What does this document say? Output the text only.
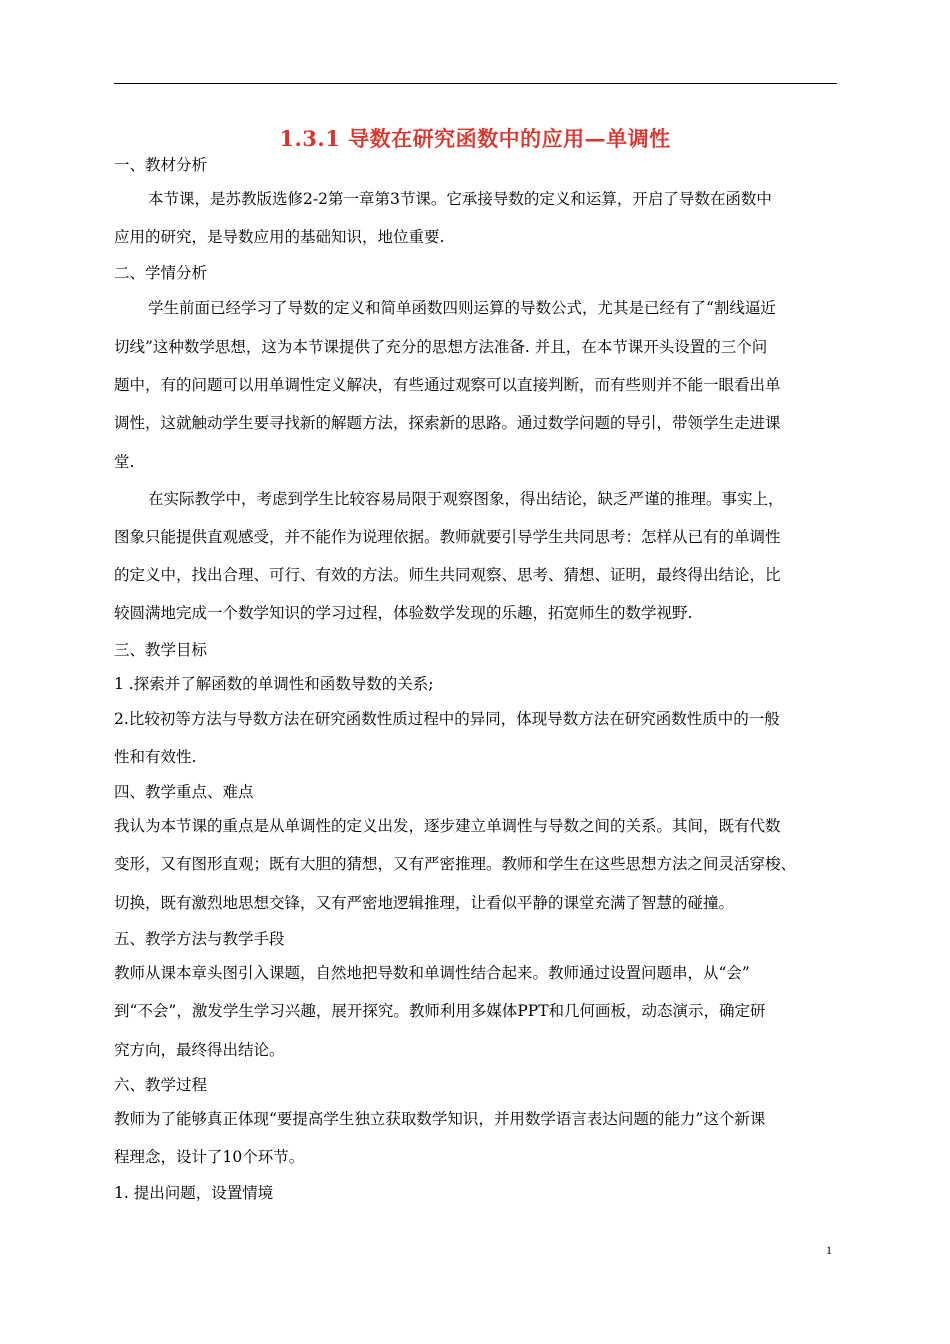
1.3.1 导数在研究函数中的应用—单调性
一、教材分析
本节课，是苏教版选修2-2第一章第3节课。它承接导数的定义和运算，开启了导数在函数中
应用的研究，是导数应用的基础知识，地位重要.
二、学情分析
学生前面已经学习了导数的定义和简单函数四则运算的导数公式，尤其是已经有了“割线逼近
切线”这种数学思想，这为本节课提供了充分的思想方法准备. 并且，在本节课开头设置的三个问
题中，有的问题可以用单调性定义解决，有些通过观察可以直接判断，而有些则并不能一眼看出单
调性，这就触动学生要寻找新的解题方法，探索新的思路。通过数学问题的导引，带领学生走进课
堂.
在实际教学中，考虑到学生比较容易局限于观察图象，得出结论，缺乏严谨的推理。事实上，
图象只能提供直观感受，并不能作为说理依据。教师就要引导学生共同思考：怎样从已有的单调性
的定义中，找出合理、可行、有效的方法。师生共同观察、思考、猜想、证明，最终得出结论，比
较圆满地完成一个数学知识的学习过程，体验数学发现的乐趣，拓宽师生的数学视野.
三、教学目标
1 .探索并了解函数的单调性和函数导数的关系;
2.比较初等方法与导数方法在研究函数性质过程中的异同，体现导数方法在研究函数性质中的一般
性和有效性.
四、教学重点、难点
我认为本节课的重点是从单调性的定义出发，逐步建立单调性与导数之间的关系。其间，既有代数
变形，又有图形直观；既有大胆的猜想，又有严密推理。教师和学生在这些思想方法之间灵活穿梭、
切换，既有激烈地思想交锋，又有严密地逻辑推理，让看似平静的课堂充满了智慧的碰撞。
五、教学方法与教学手段
教师从课本章头图引入课题，自然地把导数和单调性结合起来。教师通过设置问题串，从“会”
到“不会”，激发学生学习兴趣，展开探究。教师利用多媒体PPT和几何画板，动态演示，确定研
究方向，最终得出结论。
六、教学过程
教师为了能够真正体现“要提高学生独立获取数学知识，并用数学语言表达问题的能力”这个新课
程理念，设计了10个环节。
1. 提出问题，设置情境
1
